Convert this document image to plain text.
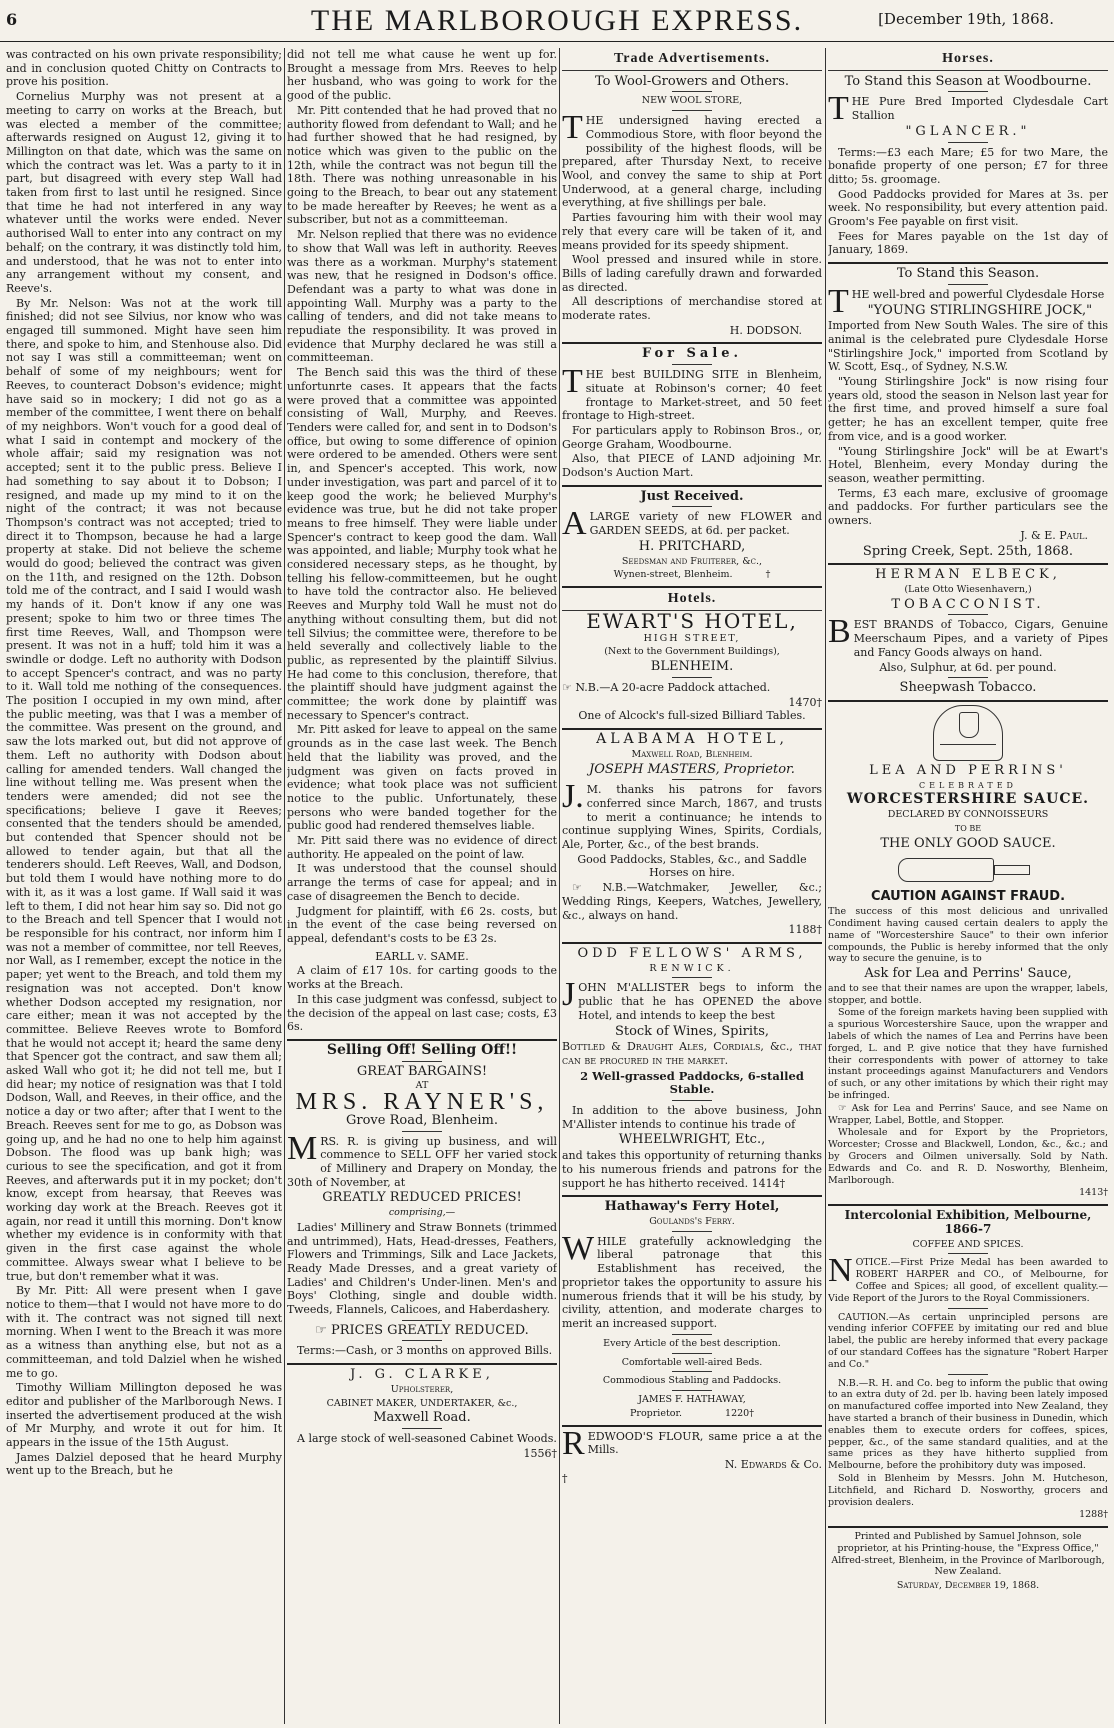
6	THE MARLBOROUGH EXPRESS.	[December 19th, 1868.

was contracted on his own private responsibility; and in conclusion quoted Chitty on Contracts to prove his position.

Cornelius Murphy was not present at a meeting to carry on works at the Breach, but was elected a member of the committee; afterwards resigned on August 12, giving it to Millington on that date, which was the same on which the contract was let. Was a party to it in part, but disagreed with every step Wall had taken from first to last until he resigned. Since that time he had not interfered in any way whatever until the works were ended. Never authorised Wall to enter into any contract on my behalf; on the contrary, it was distinctly told him, and understood, that he was not to enter into any arrangement without my consent, and Reeve's.

By Mr. Nelson: Was not at the work till finished; did not see Silvius, nor know who was engaged till summoned. Might have seen him there, and spoke to him, and Stenhouse also. Did not say I was still a committeeman; went on behalf of some of my neighbours; went for Reeves, to counteract Dobson's evidence; might have said so in mockery; I did not go as a member of the committee, I went there on behalf of my neighbors. Won't vouch for a good deal of what I said in contempt and mockery of the whole affair; said my resignation was not accepted; sent it to the public press. Believe I had something to say about it to Dobson; I resigned, and made up my mind to it on the night of the contract; it was not because Thompson's contract was not accepted; tried to direct it to Thompson, because he had a large property at stake. Did not believe the scheme would do good; believed the contract was given on the 11th, and resigned on the 12th. Dobson told me of the contract, and I said I would wash my hands of it. Don't know if any one was present; spoke to him two or three times The first time Reeves, Wall, and Thompson were present. It was not in a huff; told him it was a swindle or dodge. Left no authority with Dodson to accept Spencer's contract, and was no party to it. Wall told me nothing of the consequences. The position I occupied in my own mind, after the public meeting, was that I was a member of the committee. Was present on the ground, and saw the lots marked out, but did not approve of them. Left no authority with Dodson about calling for amended tenders. Wall changed the line without telling me. Was present when the tenders were amended; did not see the specifications; believe I gave it Reeves; consented that the tenders should be amended, but contended that Spencer should not be allowed to tender again, but that all the tenderers should. Left Reeves, Wall, and Dodson, but told them I would have nothing more to do with it, as it was a lost game. If Wall said it was left to them, I did not hear him say so. Did not go to the Breach and tell Spencer that I would not be responsible for his contract, nor inform him I was not a member of committee, nor tell Reeves, nor Wall, as I remember, except the notice in the paper; yet went to the Breach, and told them my resignation was not accepted. Don't know whether Dodson accepted my resignation, nor care either; mean it was not accepted by the committee. Believe Reeves wrote to Bomford that he would not accept it; heard the same deny that Spencer got the contract, and saw them all; asked Wall who got it; he did not tell me, but I did hear; my notice of resignation was that I told Dodson, Wall, and Reeves, in their office, and the notice a day or two after; after that I went to the Breach. Reeves sent for me to go, as Dobson was going up, and he had no one to help him against Dobson. The flood was up bank high; was curious to see the specification, and got it from Reeves, and afterwards put it in my pocket; don't know, except from hearsay, that Reeves was working day work at the Breach. Reeves got it again, nor read it untill this morning. Don't know whether my evidence is in conformity with that given in the first case against the whole committee. Always swear what I believe to be true, but don't remember what it was.

By Mr. Pitt: All were present when I gave notice to them—that I would not have more to do with it. The contract was not signed till next morning. When I went to the Breach it was more as a witness than anything else, but not as a committeeman, and told Dalziel when he wished me to go.

Timothy William Millington deposed he was editor and publisher of the Marlborough News. I inserted the advertisement produced at the wish of Mr Murphy, and wrote it out for him. It appears in the issue of the 15th August.

James Dalziel deposed that he heard Murphy went up to the Breach, but he

did not tell me what cause he went up for. Brought a message from Mrs. Reeves to help her husband, who was going to work for the good of the public.

Mr. Pitt contended that he had proved that no authority flowed from defendant to Wall; and he had further showed that he had resigned, by notice which was given to the public on the 12th, while the contract was not begun till the 18th. There was nothing unreasonable in his going to the Breach, to bear out any statement to be made hereafter by Reeves; he went as a subscriber, but not as a committeeman.

Mr. Nelson replied that there was no evidence to show that Wall was left in authority. Reeves was there as a workman. Murphy's statement was new, that he resigned in Dodson's office. Defendant was a party to what was done in appointing Wall. Murphy was a party to the calling of tenders, and did not take means to repudiate the responsibility. It was proved in evidence that Murphy declared he was still a committeeman.

The Bench said this was the third of these unfortunrte cases. It appears that the facts were proved that a committee was appointed consisting of Wall, Murphy, and Reeves. Tenders were called for, and sent in to Dodson's office, but owing to some difference of opinion were ordered to be amended. Others were sent in, and Spencer's accepted. This work, now under investigation, was part and parcel of it to keep good the work; he believed Murphy's evidence was true, but he did not take proper means to free himself. They were liable under Spencer's contract to keep good the dam. Wall was appointed, and liable; Murphy took what he considered necessary steps, as he thought, by telling his fellow-committeemen, but he ought to have told the contractor also. He believed Reeves and Murphy told Wall he must not do anything without consulting them, but did not tell Silvius; the committee were, therefore to be held severally and collectively liable to the public, as represented by the plaintiff Silvius. He had come to this conclusion, therefore, that the plaintiff should have judgment against the committee; the work done by plaintiff was necessary to Spencer's contract.

Mr. Pitt asked for leave to appeal on the same grounds as in the case last week. The Bench held that the liability was proved, and the judgment was given on facts proved in evidence; what took place was not sufficient notice to the public. Unfortunately, these persons who were banded together for the public good had rendered themselves liable.

Mr. Pitt said there was no evidence of direct authority. He appealed on the point of law.

It was understood that the counsel should arrange the terms of case for appeal; and in case of disagreemen the Bench to decide.

Judgment for plaintiff, with £6 2s. costs, but in the event of the case being reversed on appeal, defendant's costs to be £3 2s.

EARLL v. SAME.

A claim of £17 10s. for carting goods to the works at the Breach.

In this case judgment was confessd, subject to the decision of the appeal on last case; costs, £3 6s.

Selling Off! Selling Off!!
GREAT BARGAINS!
AT
MRS. RAYNER'S,
Grove Road, Blenheim.

MRS. R. is giving up business, and will commence to SELL OFF her varied stock of Millinery and Drapery on Monday, the 30th of November, at

GREATLY REDUCED PRICES!
comprising,—

Ladies' Millinery and Straw Bonnets (trimmed and untrimmed), Hats, Head-dresses, Feathers, Flowers and Trimmings, Silk and Lace Jackets, Ready Made Dresses, and a great variety of Ladies' and Children's Under-linen. Men's and Boys' Clothing, single and double width. Tweeds, Flannels, Calicoes, and Haberdashery.

☞ PRICES GREATLY REDUCED.

Terms:—Cash, or 3 months on approved Bills.

J. G. CLARKE,
Upholsterer,
CABINET MAKER, UNDERTAKER, &c.,
Maxwell Road.

A large stock of well-seasoned Cabinet Woods.

1556†
Trade Advertisements.
To Wool-Growers and Others.
NEW WOOL STORE,

THE undersigned having erected a Commodious Store, with floor beyond the possibility of the highest floods, will be prepared, after Thursday Next, to receive Wool, and convey the same to ship at Port Underwood, at a general charge, including everything, at five shillings per bale.

Parties favouring him with their wool may rely that every care will be taken of it, and means provided for its speedy shipment.

Wool pressed and insured while in store. Bills of lading carefully drawn and forwarded as directed.

All descriptions of merchandise stored at moderate rates.

H. DODSON.
For Sale.

THE best BUILDING SITE in Blenheim, situate at Robinson's corner; 40 feet frontage to Market-street, and 50 feet frontage to High-street.

For particulars apply to Robinson Bros., or, George Graham, Woodbourne.

Also, that PIECE of LAND adjoining Mr. Dodson's Auction Mart.

Just Received.

ALARGE variety of new FLOWER and GARDEN SEEDS, at 6d. per packet.

H. PRITCHARD,
Seedsman and Fruiterer, &c.,
Wynen-street, Blenheim.	†
Hotels.
EWART'S HOTEL,
HIGH STREET,
(Next to the Government Buildings),
BLENHEIM.

☞ N.B.—A 20-acre Paddock attached.

1470†

One of Alcock's full-sized Billiard Tables.

ALABAMA HOTEL,
Maxwell Road, Blenheim.
JOSEPH MASTERS, Proprietor.

J.M. thanks his patrons for favors conferred since March, 1867, and trusts to merit a continuance; he intends to continue supplying Wines, Spirits, Cordials, Ale, Porter, &c., of the best brands.

Good Paddocks, Stables, &c., and Saddle Horses on hire.

☞ N.B.—Watchmaker, Jeweller, &c.; Wedding Rings, Keepers, Watches, Jewellery, &c., always on hand.

1188†
ODD FELLOWS' ARMS,
RENWICK.

JOHN M'ALLISTER begs to inform the public that he has OPENED the above Hotel, and intends to keep the best

Stock of Wines, Spirits,

Bottled & Draught Ales, Cordials, &c., that can be procured in the market.

2 Well-grassed Paddocks, 6-stalled Stable.

In addition to the above business, John M'Allister intends to continue his trade of

WHEELWRIGHT, Etc.,

and takes this opportunity of returning thanks to his numerous friends and patrons for the support he has hitherto received. 1414†

Hathaway's Ferry Hotel,
Goulands's Ferry.

WHILE gratefully acknowledging the liberal patronage that this Establishment has received, the proprietor takes the opportunity to assure his numerous friends that it will be his study, by civility, attention, and moderate charges to merit an increased support.

Every Article of the best description.
Comfortable well-aired Beds.
Commodious Stabling and Paddocks.
JAMES F. HATHAWAY,
Proprietor.	1220†

REDWOOD'S FLOUR, same price a at the Mills.

N. Edwards & Co.
†
Horses.
To Stand this Season at Woodbourne.

THE Pure Bred Imported Clydesdale Cart Stallion

"GLANCER."

Terms:—£3 each Mare; £5 for two Mare, the bonafide property of one person; £7 for three ditto; 5s. groomage.

Good Paddocks provided for Mares at 3s. per week. No responsibility, but every attention paid. Groom's Fee payable on first visit.

Fees for Mares payable on the 1st day of January, 1869.

To Stand this Season.

THE well-bred and powerful Clydesdale Horse

"YOUNG STIRLINGSHIRE JOCK,"

Imported from New South Wales. The sire of this animal is the celebrated pure Clydesdale Horse "Stirlingshire Jock," imported from Scotland by W. Scott, Esq., of Sydney, N.S.W.

"Young Stirlingshire Jock" is now rising four years old, stood the season in Nelson last year for the first time, and proved himself a sure foal getter; he has an excellent temper, quite free from vice, and is a good worker.

"Young Stirlingshire Jock" will be at Ewart's Hotel, Blenheim, every Monday during the season, weather permitting.

Terms, £3 each mare, exclusive of groomage and paddocks. For further particulars see the owners.

J. & E. Paul.
Spring Creek, Sept. 25th, 1868.
HERMAN ELBECK,
(Late Otto Wiesenhavern,)
TOBACCONIST.

BEST BRANDS of Tobacco, Cigars, Genuine Meerschaum Pipes, and a variety of Pipes and Fancy Goods always on hand.

Also, Sulphur, at 6d. per pound.

Sheepwash Tobacco.
LEA AND PERRINS'
CELEBRATED
WORCESTERSHIRE SAUCE.
DECLARED BY CONNOISSEURS
TO BE
THE ONLY GOOD SAUCE.
CAUTION AGAINST FRAUD.

The success of this most delicious and unrivalled Condiment having caused certain dealers to apply the name of "Worcestershire Sauce" to their own inferior compounds, the Public is hereby informed that the only way to secure the genuine, is to

Ask for Lea and Perrins' Sauce,

and to see that their names are upon the wrapper, labels, stopper, and bottle.

Some of the foreign markets having been supplied with a spurious Worcestershire Sauce, upon the wrapper and labels of which the names of Lea and Perrins have been forged, L. and P. give notice that they have furnished their correspondents with power of attorney to take instant proceedings against Manufacturers and Vendors of such, or any other imitations by which their right may be infringed.

☞ Ask for Lea and Perrins' Sauce, and see Name on Wrapper, Label, Bottle, and Stopper.

Wholesale and for Export by the Proprietors, Worcester; Crosse and Blackwell, London, &c., &c.; and by Grocers and Oilmen universally. Sold by Nath. Edwards and Co. and R. D. Nosworthy, Blenheim, Marlborough.

1413†
Intercolonial Exhibition, Melbourne, 1866-7
COFFEE AND SPICES.

NOTICE.—First Prize Medal has been awarded to ROBERT HARPER and CO., of Melbourne, for Coffee and Spices; all good, of excellent quality.—Vide Report of the Jurors to the Royal Commissioners.

CAUTION.—As certain unprincipled persons are vending inferior COFFEE by imitating our red and blue label, the public are hereby informed that every package of our standard Coffees has the signature "Robert Harper and Co."

N.B.—R. H. and Co. beg to inform the public that owing to an extra duty of 2d. per lb. having been lately imposed on manufactured coffee imported into New Zealand, they have started a branch of their business in Dunedin, which enables them to execute orders for coffees, spices, pepper, &c., of the same standard qualities, and at the same prices as they have hitherto supplied from Melbourne, before the prohibitory duty was imposed.

Sold in Blenheim by Messrs. John M. Hutcheson, Litchfield, and Richard D. Nosworthy, grocers and provision dealers.

1288†

Printed and Published by Samuel Johnson, sole proprietor, at his Printing-house, the "Express Office," Alfred-street, Blenheim, in the Province of Marlborough, New Zealand.

Saturday, December 19, 1868.
